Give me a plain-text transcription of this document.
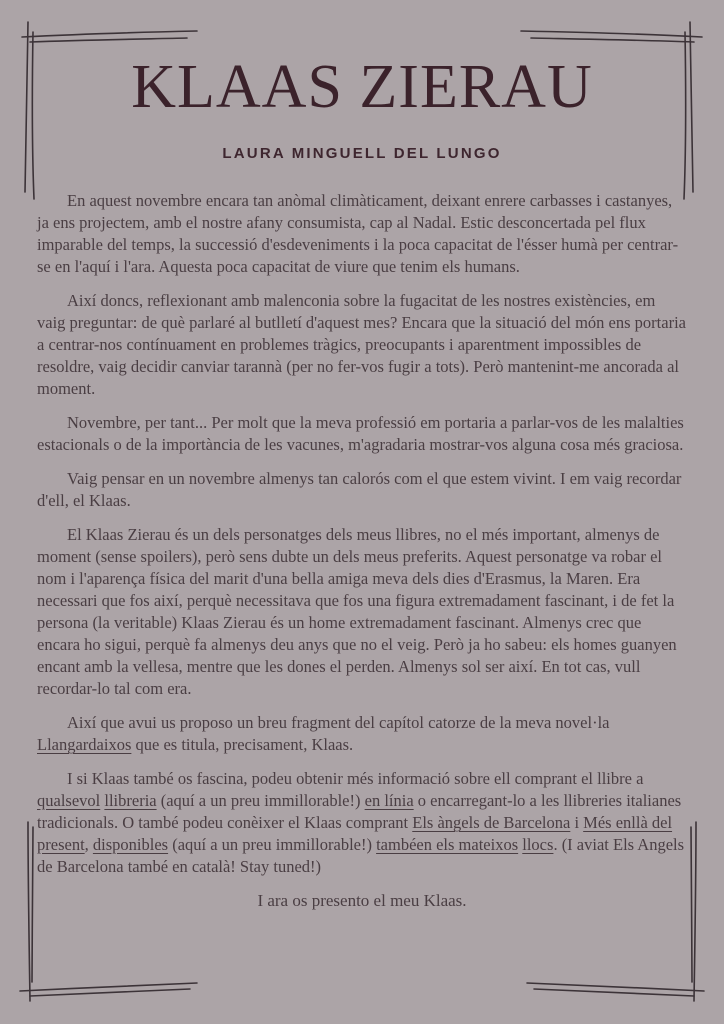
KLAAS ZIERAU
LAURA MINGUELL DEL LUNGO

En aquest novembre encara tan anòmal climàticament, deixant enrere carbasses i castanyes, ja ens projectem, amb el nostre afany consumista, cap al Nadal. Estic desconcertada pel flux imparable del temps, la successió d'esdeveniments i la poca capacitat de l'ésser humà per centrar-se en l'aquí i l'ara. Aquesta poca capacitat de viure que tenim els humans.

Així doncs, reflexionant amb malenconia sobre la fugacitat de les nostres existències, em vaig preguntar: de què parlaré al butlletí d'aquest mes? Encara que la situació del món ens portaria a centrar-nos contínuament en problemes tràgics, preocupants i aparentment impossibles de resoldre, vaig decidir canviar tarannà (per no fer-vos fugir a tots). Però mantenint-me ancorada al moment.

Novembre, per tant... Per molt que la meva professió em portaria a parlar-vos de les malalties estacionals o de la importància de les vacunes, m'agradaria mostrar-vos alguna cosa més graciosa.

Vaig pensar en un novembre almenys tan calorós com el que estem vivint. I em vaig recordar d'ell, el Klaas.

El Klaas Zierau és un dels personatges dels meus llibres, no el més important, almenys de moment (sense spoilers), però sens dubte un dels meus preferits. Aquest personatge va robar el nom i l'aparença física del marit d'una bella amiga meva dels dies d'Erasmus, la Maren. Era necessari que fos així, perquè necessitava que fos una figura extremadament fascinant, i de fet la persona (la veritable) Klaas Zierau és un home extremadament fascinant. Almenys crec que encara ho sigui, perquè fa almenys deu anys que no el veig. Però ja ho sabeu: els homes guanyen encant amb la vellesa, mentre que les dones el perden. Almenys sol ser així. En tot cas, vull recordar-lo tal com era.

Així que avui us proposo un breu fragment del capítol catorze de la meva novel·la Llangardaixos que es titula, precisament, Klaas.

I si Klaas també os fascina, podeu obtenir més informació sobre ell comprant el llibre a qualsevol llibreria (aquí a un preu immillorable!) en línia o encarregant-lo a les llibreries italianes tradicionals. O també podeu conèixer el Klaas comprant Els àngels de Barcelona i Més enllà del present, disponibles (aquí a un preu immillorable!) tambéen els mateixos llocs. (I aviat Els Angels de Barcelona també en català! Stay tuned!)

I ara os presento el meu Klaas.
